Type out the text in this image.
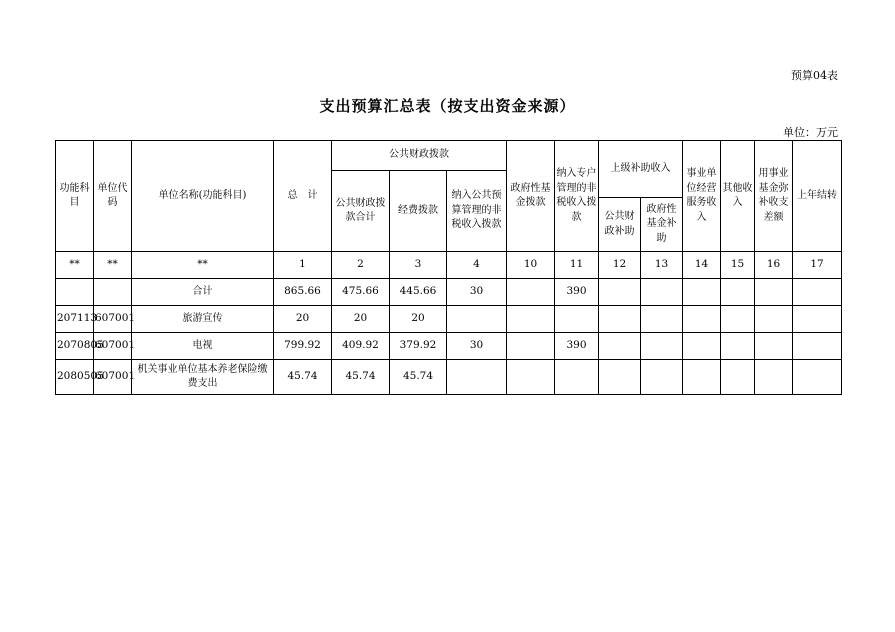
预算04表
支出预算汇总表（按支出资金来源）
单位：万元
功能科目	单位代码	单位名称(功能科目)	总　计	公共财政拨款			政府性基金拨款	纳入专户管理的非税收入拨款	上级补助收入		事业单位经营服务收入	其他收入	用事业基金弥补收支差额	上年结转
				公共财政拨款合计	经费拨款	纳入公共预算管理的非税收入拨款								
									公共财政补助	政府性基金补助				
**	**	**	1	2	3	4	10	11	12	13	14	15	16	17
		合计	865.66	475.66	445.66	30		390						
207113	607001	旅游宣传	20	20	20									
2070805	607001	电视	799.92	409.92	379.92	30		390						
2080505	607001	机关事业单位基本养老保险缴费支出	45.74	45.74	45.74									
